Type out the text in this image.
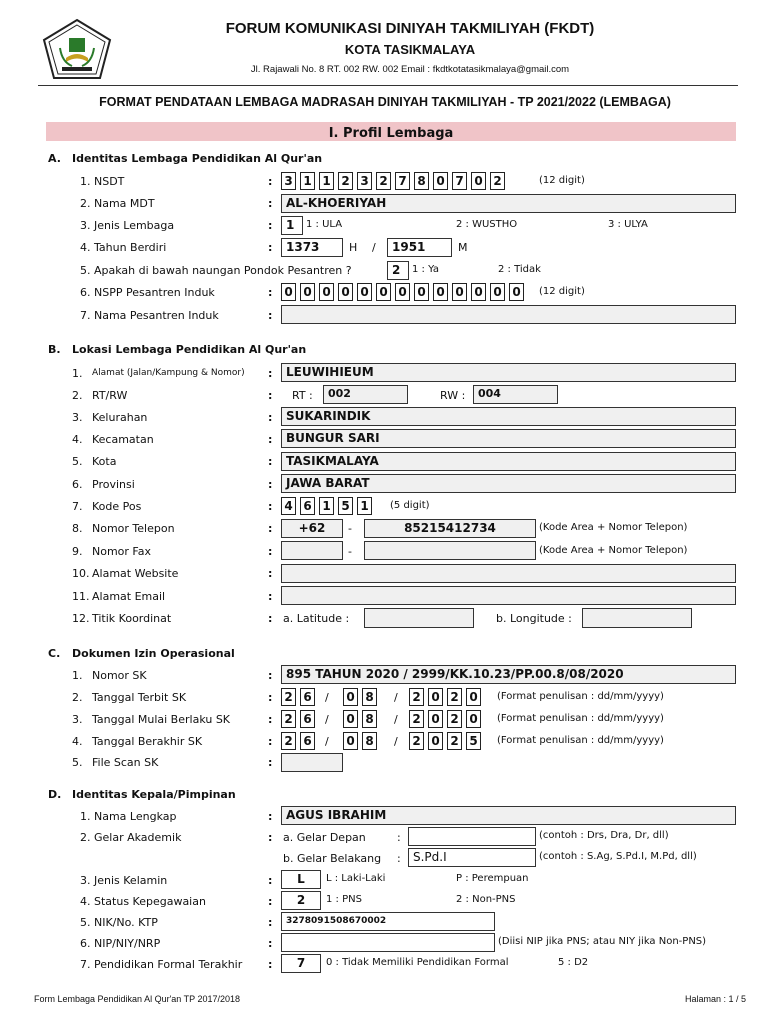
FORUM KOMUNIKASI DINIYAH TAKMILIYAH (FKDT)
KOTA TASIKMALAYA
Jl. Rajawali No. 8 RT. 002 RW. 002 Email : fkdtkotatasikmalaya@gmail.com
FORMAT PENDATAAN LEMBAGA MADRASAH DINIYAH TAKMILIYAH - TP 2021/2022 (LEMBAGA)
I. Profil Lembaga
A. Identitas Lembaga Pendidikan Al Qur'an
1. NSDT	: 3 1 1 2 3 2 7 8 0 7 0 2	(12 digit)
2. Nama MDT	:	AL-KHOERIYAH
3. Jenis Lembaga	:	1	1 : ULA	2 : WUSTHO	3 : ULYA
4. Tahun Berdiri	:	1373	H /	1951	M
5. Apakah di bawah naungan Pondok Pesantren ?	2	1 : Ya	2 : Tidak
6. NSPP Pesantren Induk	: 0 0 0 0 0 0 0 0 0 0 0 0 0	(12 digit)
7. Nama Pesantren Induk	:
B. Lokasi Lembaga Pendidikan Al Qur'an
1. Alamat (Jalan/Kampung & Nomor) :	LEUWIHIEUM
2. RT/RW	: RT :	002	RW :	004
3. Kelurahan	:	SUKARINDIK
4. Kecamatan	:	BUNGUR SARI
5. Kota	:	TASIKMALAYA
6. Provinsi	:	JAWA BARAT
7. Kode Pos	: 4 6 1 5 1	(5 digit)
8. Nomor Telepon	:	+62	-	85215412734	(Kode Area + Nomor Telepon)
9. Nomor Fax	:	-	(Kode Area + Nomor Telepon)
10. Alamat Website	:
11. Alamat Email	:
12. Titik Koordinat	: a. Latitude :	b. Longitude :
C. Dokumen Izin Operasional
1. Nomor SK	:	895 TAHUN 2020 / 2999/KK.10.23/PP.00.8/08/2020
2. Tanggal Terbit SK	: 2 6	/ 0 8	/ 2 0 2 0	(Format penulisan : dd/mm/yyyy)
3. Tanggal Mulai Berlaku SK	: 2 6	/ 0 8	/ 2 0 2 0	(Format penulisan : dd/mm/yyyy)
4. Tanggal Berakhir SK	: 2 6	/ 0 8	/ 2 0 2 5	(Format penulisan : dd/mm/yyyy)
5. File Scan SK	:
D. Identitas Kepala/Pimpinan
1. Nama Lengkap	:	AGUS IBRAHIM
2. Gelar Akademik	: a. Gelar Depan	:	(contoh : Drs, Dra, Dr, dll)
b. Gelar Belakang :	S.Pd.I	(contoh : S.Ag, S.Pd.I, M.Pd, dll)
3. Jenis Kelamin	:	L	L : Laki-Laki	P : Perempuan
4. Status Kepegawaian	:	2	1 : PNS	2 : Non-PNS
5. NIK/No. KTP	:	3278091508670002
6. NIP/NIY/NRP	:	(Diisi NIP jika PNS; atau NIY jika Non-PNS)
7. Pendidikan Formal Terakhir :	7	0 : Tidak Memiliki Pendidikan Formal	5 : D2
Form Lembaga Pendidikan Al Qur'an TP 2017/2018	Halaman : 1 / 5
